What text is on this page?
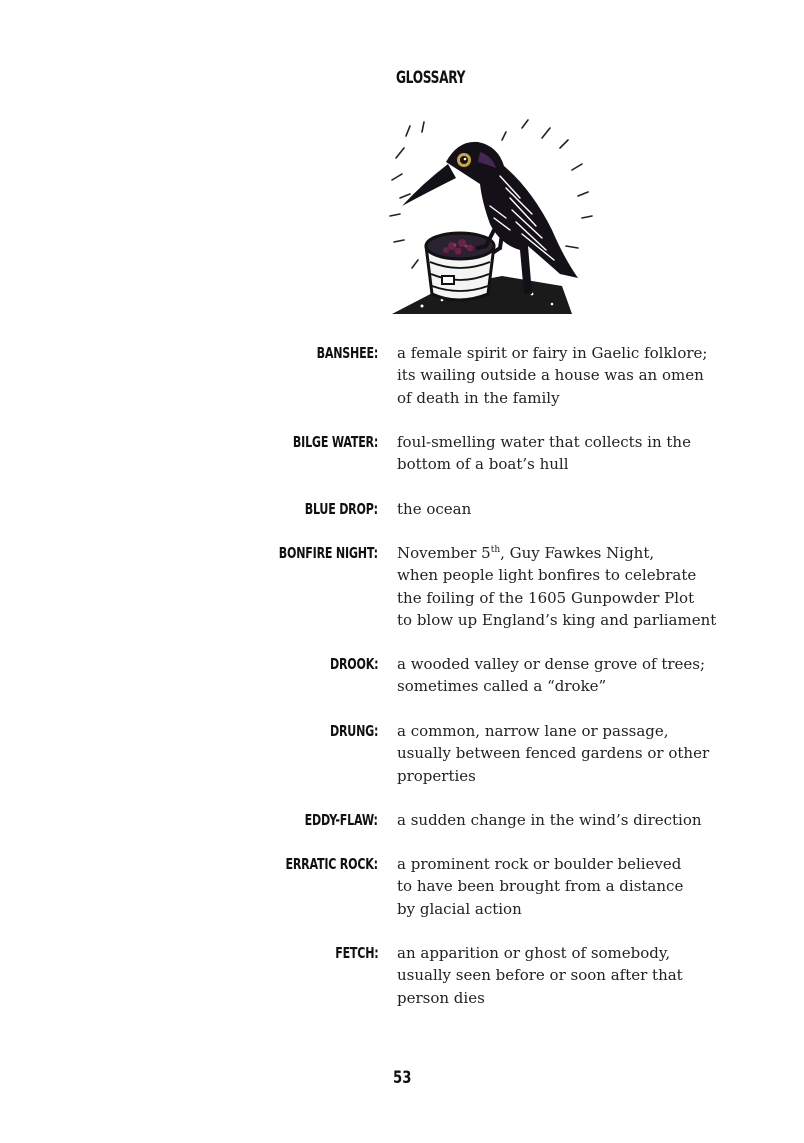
GLOSSARY
BANSHEE: a female spirit or fairy in Gaelic folklore;
its wailing outside a house was an omen
of death in the family
BILGE WATER: foul-smelling water that collects in the
bottom of a boat’s hull
BLUE DROP: the ocean
BONFIRE NIGHT: November 5th, Guy Fawkes Night,
when people light bonfires to celebrate
the foiling of the 1605 Gunpowder Plot
to blow up England’s king and parliament
DROOK: a wooded valley or dense grove of trees;
sometimes called a “droke”
DRUNG: a common, narrow lane or passage,
usually between fenced gardens or other
properties
EDDY-FLAW: a sudden change in the wind’s direction
ERRATIC ROCK: a prominent rock or boulder believed
to have been brought from a distance
by glacial action
FETCH: an apparition or ghost of somebody,
usually seen before or soon after that
person dies
53
